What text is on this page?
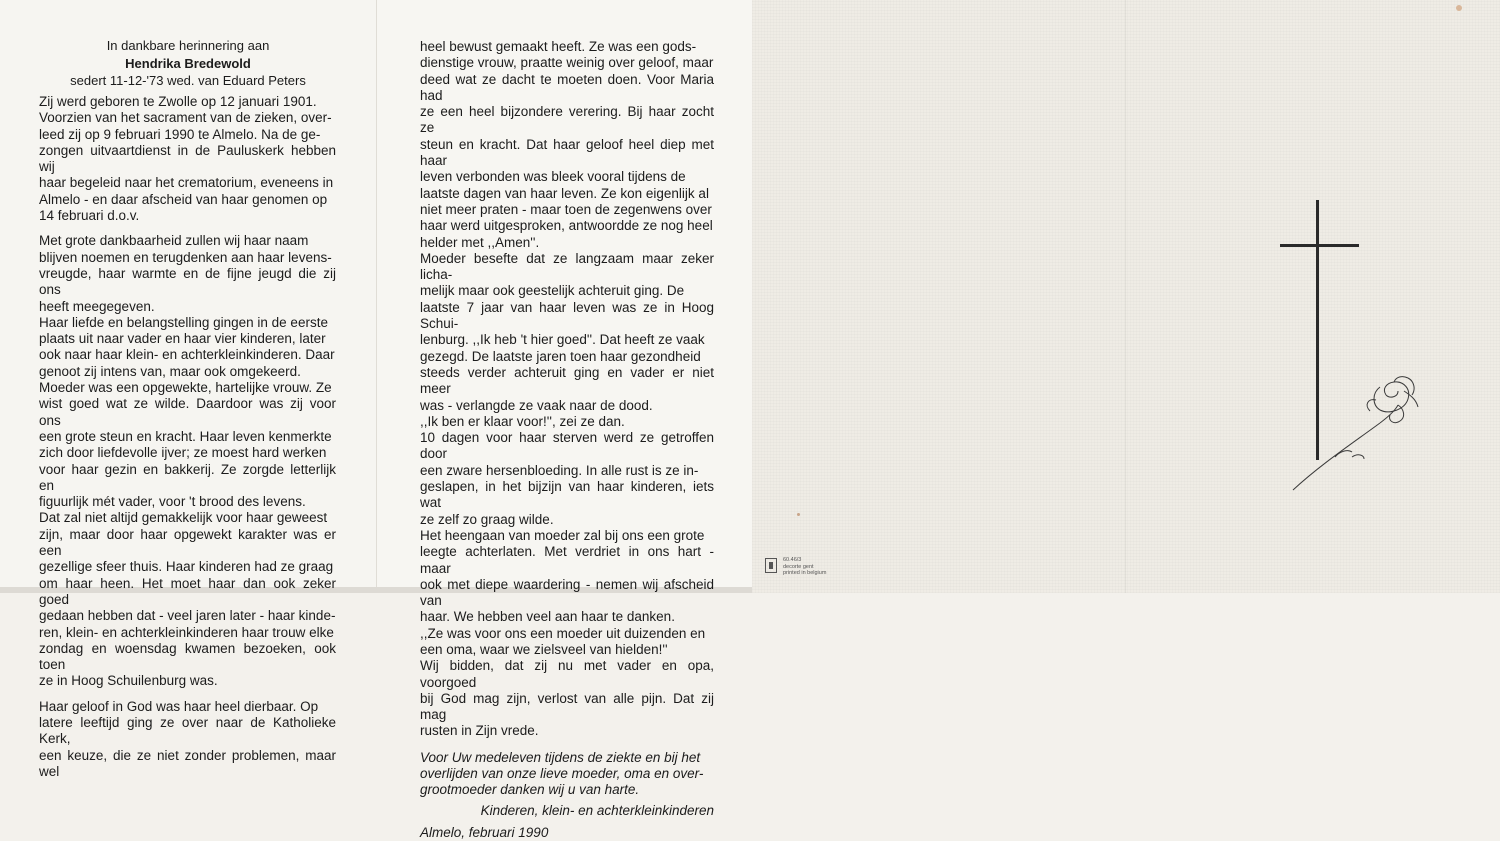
In dankbare herinnering aan
Hendrika Bredewold
sedert 11-12-'73 wed. van Eduard Peters

Zij werd geboren te Zwolle op 12 januari 1901.
Voorzien van het sacrament van de zieken, over-
leed zij op 9 februari 1990 te Almelo. Na de ge-
zongen uitvaartdienst in de Pauluskerk hebben wij
haar begeleid naar het crematorium, eveneens in
Almelo - en daar afscheid van haar genomen op
14 februari d.o.v.

Met grote dankbaarheid zullen wij haar naam
blijven noemen en terugdenken aan haar levens-
vreugde, haar warmte en de fijne jeugd die zij ons
heeft meegegeven.
Haar liefde en belangstelling gingen in de eerste
plaats uit naar vader en haar vier kinderen, later
ook naar haar klein- en achterkleinkinderen. Daar
genoot zij intens van, maar ook omgekeerd.
Moeder was een opgewekte, hartelijke vrouw. Ze
wist goed wat ze wilde. Daardoor was zij voor ons
een grote steun en kracht. Haar leven kenmerkte
zich door liefdevolle ijver; ze moest hard werken
voor haar gezin en bakkerij. Ze zorgde letterlijk en
figuurlijk mét vader, voor 't brood des levens.
Dat zal niet altijd gemakkelijk voor haar geweest
zijn, maar door haar opgewekt karakter was er een
gezellige sfeer thuis. Haar kinderen had ze graag
om haar heen. Het moet haar dan ook zeker goed
gedaan hebben dat - veel jaren later - haar kinde-
ren, klein- en achterkleinkinderen haar trouw elke
zondag en woensdag kwamen bezoeken, ook toen
ze in Hoog Schuilenburg was.

Haar geloof in God was haar heel dierbaar. Op
latere leeftijd ging ze over naar de Katholieke Kerk,
een keuze, die ze niet zonder problemen, maar wel

heel bewust gemaakt heeft. Ze was een gods-
dienstige vrouw, praatte weinig over geloof, maar
deed wat ze dacht te moeten doen. Voor Maria had
ze een heel bijzondere verering. Bij haar zocht ze
steun en kracht. Dat haar geloof heel diep met haar
leven verbonden was bleek vooral tijdens de
laatste dagen van haar leven. Ze kon eigenlijk al
niet meer praten - maar toen de zegenwens over
haar werd uitgesproken, antwoordde ze nog heel
helder met ,,Amen''.
Moeder besefte dat ze langzaam maar zeker licha-
melijk maar ook geestelijk achteruit ging. De
laatste 7 jaar van haar leven was ze in Hoog Schui-
lenburg. ,,Ik heb 't hier goed''. Dat heeft ze vaak
gezegd. De laatste jaren toen haar gezondheid
steeds verder achteruit ging en vader er niet meer
was - verlangde ze vaak naar de dood.
,,Ik ben er klaar voor!'', zei ze dan.
10 dagen voor haar sterven werd ze getroffen door
een zware hersenbloeding. In alle rust is ze in-
geslapen, in het bijzijn van haar kinderen, iets wat
ze zelf zo graag wilde.
Het heengaan van moeder zal bij ons een grote
leegte achterlaten. Met verdriet in ons hart - maar
ook met diepe waardering - nemen wij afscheid van
haar. We hebben veel aan haar te danken.
,,Ze was voor ons een moeder uit duizenden en
een oma, waar we zielsveel van hielden!''
Wij bidden, dat zij nu met vader en opa, voorgoed
bij God mag zijn, verlost van alle pijn. Dat zij mag
rusten in Zijn vrede.

Voor Uw medeleven tijdens de ziekte en bij het
overlijden van onze lieve moeder, oma en over-
grootmoeder danken wij u van harte.

Kinderen, klein- en achterkleinkinderen

Almelo, februari 1990

60.46/3
decorte gent
printed in belgium
